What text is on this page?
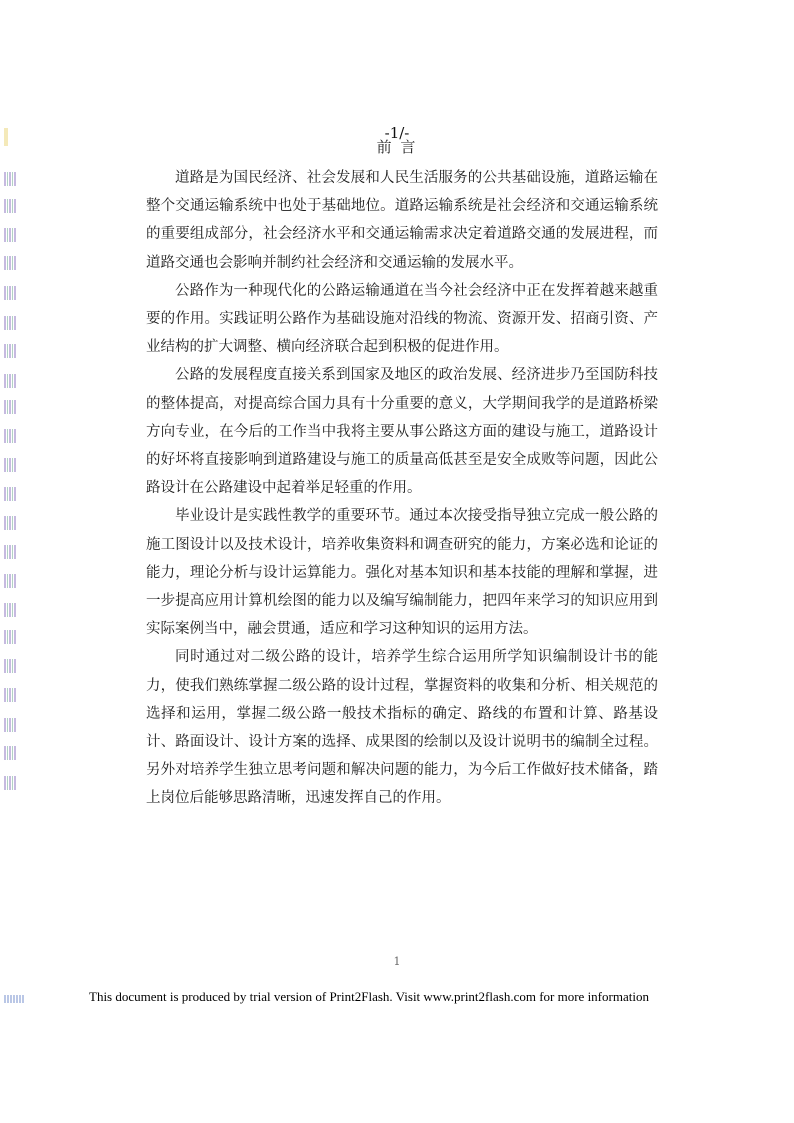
-1/-
前 言

道路是为国民经济、社会发展和人民生活服务的公共基础设施，道路运输在整个交通运输系统中也处于基础地位。道路运输系统是社会经济和交通运输系统的重要组成部分，社会经济水平和交通运输需求决定着道路交通的发展进程，而道路交通也会影响并制约社会经济和交通运输的发展水平。

公路作为一种现代化的公路运输通道在当今社会经济中正在发挥着越来越重要的作用。实践证明公路作为基础设施对沿线的物流、资源开发、招商引资、产业结构的扩大调整、横向经济联合起到积极的促进作用。

公路的发展程度直接关系到国家及地区的政治发展、经济进步乃至国防科技的整体提高，对提高综合国力具有十分重要的意义，大学期间我学的是道路桥梁方向专业，在今后的工作当中我将主要从事公路这方面的建设与施工，道路设计的好坏将直接影响到道路建设与施工的质量高低甚至是安全成败等问题，因此公路设计在公路建设中起着举足轻重的作用。

毕业设计是实践性教学的重要环节。通过本次接受指导独立完成一般公路的施工图设计以及技术设计，培养收集资料和调查研究的能力，方案必选和论证的能力，理论分析与设计运算能力。强化对基本知识和基本技能的理解和掌握，进一步提高应用计算机绘图的能力以及编写编制能力，把四年来学习的知识应用到实际案例当中，融会贯通，适应和学习这种知识的运用方法。

同时通过对二级公路的设计，培养学生综合运用所学知识编制设计书的能力，使我们熟练掌握二级公路的设计过程，掌握资料的收集和分析、相关规范的选择和运用，掌握二级公路一般技术指标的确定、路线的布置和计算、路基设计、路面设计、设计方案的选择、成果图的绘制以及设计说明书的编制全过程。另外对培养学生独立思考问题和解决问题的能力，为今后工作做好技术储备，踏上岗位后能够思路清晰，迅速发挥自己的作用。

1
This document is produced by trial version of Print2Flash. Visit www.print2flash.com for more information
